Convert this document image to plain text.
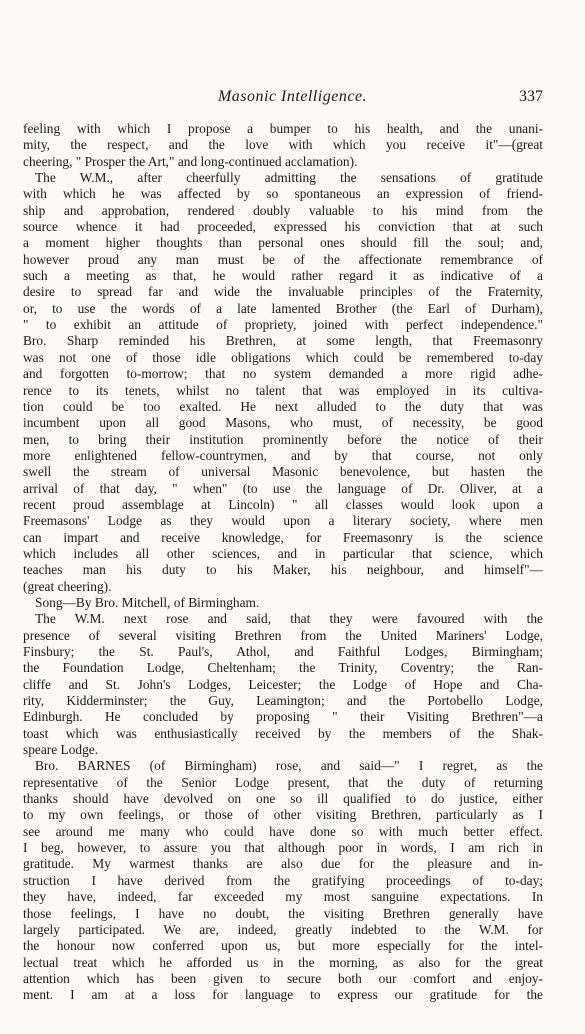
Masonic Intelligence.	337
feeling with which I propose a bumper to his health, and the unani-
mity, the respect, and the love with which you receive it"—(great
cheering, " Prosper the Art," and long-continued acclamation).
The W.M., after cheerfully admitting the sensations of gratitude
with which he was affected by so spontaneous an expression of friend-
ship and approbation, rendered doubly valuable to his mind from the
source whence it had proceeded, expressed his conviction that at such
a moment higher thoughts than personal ones should fill the soul; and,
however proud any man must be of the affectionate remembrance of
such a meeting as that, he would rather regard it as indicative of a
desire to spread far and wide the invaluable principles of the Fraternity,
or, to use the words of a late lamented Brother (the Earl of Durham),
" to exhibit an attitude of propriety, joined with perfect independence."
Bro. Sharp reminded his Brethren, at some length, that Freemasonry
was not one of those idle obligations which could be remembered to-day
and forgotten to-morrow; that no system demanded a more rigid adhe-
rence to its tenets, whilst no talent that was employed in its cultiva-
tion could be too exalted. He next alluded to the duty that was
incumbent upon all good Masons, who must, of necessity, be good
men, to bring their institution prominently before the notice of their
more enlightened fellow-countrymen, and by that course, not only
swell the stream of universal Masonic benevolence, but hasten the
arrival of that day, " when" (to use the language of Dr. Oliver, at a
recent proud assemblage at Lincoln) " all classes would look upon a
Freemasons' Lodge as they would upon a literary society, where men
can impart and receive knowledge, for Freemasonry is the science
which includes all other sciences, and in particular that science, which
teaches man his duty to his Maker, his neighbour, and himself"—
(great cheering).
Song—By Bro. Mitchell, of Birmingham.
The W.M. next rose and said, that they were favoured with the
presence of several visiting Brethren from the United Mariners' Lodge,
Finsbury; the St. Paul's, Athol, and Faithful Lodges, Birmingham;
the Foundation Lodge, Cheltenham; the Trinity, Coventry; the Ran-
cliffe and St. John's Lodges, Leicester; the Lodge of Hope and Cha-
rity, Kidderminster; the Guy, Leamington; and the Portobello Lodge,
Edinburgh. He concluded by proposing " their Visiting Brethren"—a
toast which was enthusiastically received by the members of the Shak-
speare Lodge.
Bro. BARNES (of Birmingham) rose, and said—" I regret, as the
representative of the Senior Lodge present, that the duty of returning
thanks should have devolved on one so ill qualified to do justice, either
to my own feelings, or those of other visiting Brethren, particularly as I
see around me many who could have done so with much better effect.
I beg, however, to assure you that although poor in words, I am rich in
gratitude. My warmest thanks are also due for the pleasure and in-
struction I have derived from the gratifying proceedings of to-day;
they have, indeed, far exceeded my most sanguine expectations. In
those feelings, I have no doubt, the visiting Brethren generally have
largely participated. We are, indeed, greatly indebted to the W.M. for
the honour now conferred upon us, but more especially for the intel-
lectual treat which he afforded us in the morning, as also for the great
attention which has been given to secure both our comfort and enjoy-
ment. I am at a loss for language to express our gratitude for the
